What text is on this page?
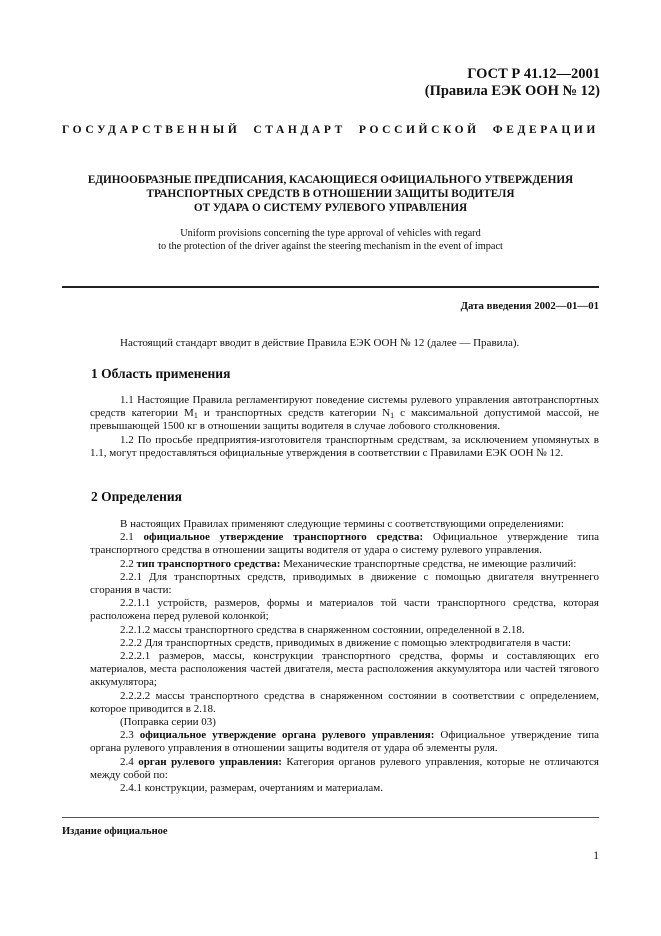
ГОСТ Р 41.12—2001
(Правила ЕЭК ООН № 12)
ГОСУДАРСТВЕННЫЙ СТАНДАРТ РОССИЙСКОЙ ФЕДЕРАЦИИ
ЕДИНООБРАЗНЫЕ ПРЕДПИСАНИЯ, КАСАЮЩИЕСЯ ОФИЦИАЛЬНОГО УТВЕРЖДЕНИЯ
ТРАНСПОРТНЫХ СРЕДСТВ В ОТНОШЕНИИ ЗАЩИТЫ ВОДИТЕЛЯ
ОТ УДАРА О СИСТЕМУ РУЛЕВОГО УПРАВЛЕНИЯ
Uniform provisions concerning the type approval of vehicles with regard
to the protection of the driver against the steering mechanism in the event of impact
Дата введения 2002—01—01
Настоящий стандарт вводит в действие Правила ЕЭК ООН № 12 (далее — Правила).
1 Область применения
1.1 Настоящие Правила регламентируют поведение системы рулевого управления автотранспортных средств категории $M_1$ и транспортных средств категории $N_1$ с максимальной допустимой массой, не превышающей 1500 кг в отношении защиты водителя в случае лобового столкновения.
1.2 По просьбе предприятия-изготовителя транспортным средствам, за исключением упомянутых в 1.1, могут предоставляться официальные утверждения в соответствии с Правилами ЕЭК ООН № 12.
2 Определения
В настоящих Правилах применяют следующие термины с соответствующими определениями:
2.1 официальное утверждение транспортного средства: Официальное утверждение типа транспортного средства в отношении защиты водителя от удара о систему рулевого управления.
2.2 тип транспортного средства: Механические транспортные средства, не имеющие различий:
2.2.1 Для транспортных средств, приводимых в движение с помощью двигателя внутреннего сгорания в части:
2.2.1.1 устройств, размеров, формы и материалов той части транспортного средства, которая расположена перед рулевой колонкой;
2.2.1.2 массы транспортного средства в снаряженном состоянии, определенной в 2.18.
2.2.2 Для транспортных средств, приводимых в движение с помощью электродвигателя в части:
2.2.2.1 размеров, массы, конструкции транспортного средства, формы и составляющих его материалов, места расположения частей двигателя, места расположения аккумулятора или частей тягового аккумулятора;
2.2.2.2 массы транспортного средства в снаряженном состоянии в соответствии с определением, которое приводится в 2.18.
(Поправка серии 03)
2.3 официальное утверждение органа рулевого управления: Официальное утверждение типа органа рулевого управления в отношении защиты водителя от удара об элементы руля.
2.4 орган рулевого управления: Категория органов рулевого управления, которые не отличаются между собой по:
2.4.1 конструкции, размерам, очертаниям и материалам.
Издание официальное
1
